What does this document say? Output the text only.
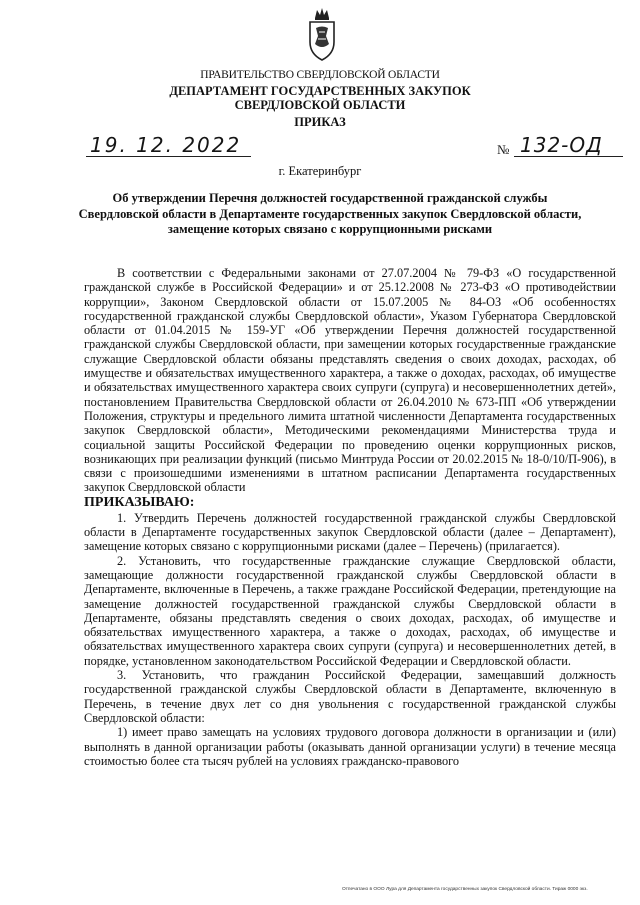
ПРАВИТЕЛЬСТВО СВЕРДЛОВСКОЙ ОБЛАСТИ
ДЕПАРТАМЕНТ ГОСУДАРСТВЕННЫХ ЗАКУПОК
СВЕРДЛОВСКОЙ ОБЛАСТИ
ПРИКАЗ
19. 12. 2022	№ 132-ОД
г. Екатеринбург
Об утверждении Перечня должностей государственной гражданской службы
Свердловской области в Департаменте государственных закупок Свердловской области,
замещение которых связано с коррупционными рисками

В соответствии с Федеральными законами от 27.07.2004 № 79-ФЗ «О государственной гражданской службе в Российской Федерации» и от 25.12.2008 № 273-ФЗ «О противодействии коррупции», Законом Свердловской области от 15.07.2005 № 84-ОЗ «Об особенностях государственной гражданской службы Свердловской области», Указом Губернатора Свердловской области от 01.04.2015 № 159-УГ «Об утверждении Перечня должностей государственной гражданской службы Свердловской области, при замещении которых государственные гражданские служащие Свердловской области обязаны представлять сведения о своих доходах, расходах, об имуществе и обязательствах имущественного характера, а также о доходах, расходах, об имуществе и обязательствах имущественного характера своих супруги (супруга) и несовершеннолетних детей», постановлением Правительства Свердловской области от 26.04.2010 № 673-ПП «Об утверждении Положения, структуры и предельного лимита штатной численности Департамента государственных закупок Свердловской области», Методическими рекомендациями Министерства труда и социальной защиты Российской Федерации по проведению оценки коррупционных рисков, возникающих при реализации функций (письмо Минтруда России от 20.02.2015 № 18-0/10/П-906), в связи с произошедшими изменениями в штатном расписании Департамента государственных закупок Свердловской области

ПРИКАЗЫВАЮ:

1. Утвердить Перечень должностей государственной гражданской службы Свердловской области в Департаменте государственных закупок Свердловской области (далее – Департамент), замещение которых связано с коррупционными рисками (далее – Перечень) (прилагается).

2. Установить, что государственные гражданские служащие Свердловской области, замещающие должности государственной гражданской службы Свердловской области в Департаменте, включенные в Перечень, а также граждане Российской Федерации, претендующие на замещение должностей государственной гражданской службы Свердловской области в Департаменте, обязаны представлять сведения о своих доходах, расходах, об имуществе и обязательствах имущественного характера, а также о доходах, расходах, об имуществе и обязательствах имущественного характера своих супруги (супруга) и несовершеннолетних детей, в порядке, установленном законодательством Российской Федерации и Свердловской области.

3. Установить, что гражданин Российской Федерации, замещавший должность государственной гражданской службы Свердловской области в Департаменте, включенную в Перечень, в течение двух лет со дня увольнения с государственной гражданской службы Свердловской области:

1) имеет право замещать на условиях трудового договора должности в организации и (или) выполнять в данной организации работы (оказывать данной организации услуги) в течение месяца стоимостью более ста тысяч рублей на условиях гражданско-правового

Отпечатано в ООО Лура для Департамента государственных закупок Свердловской области. Тираж 0000 экз.
